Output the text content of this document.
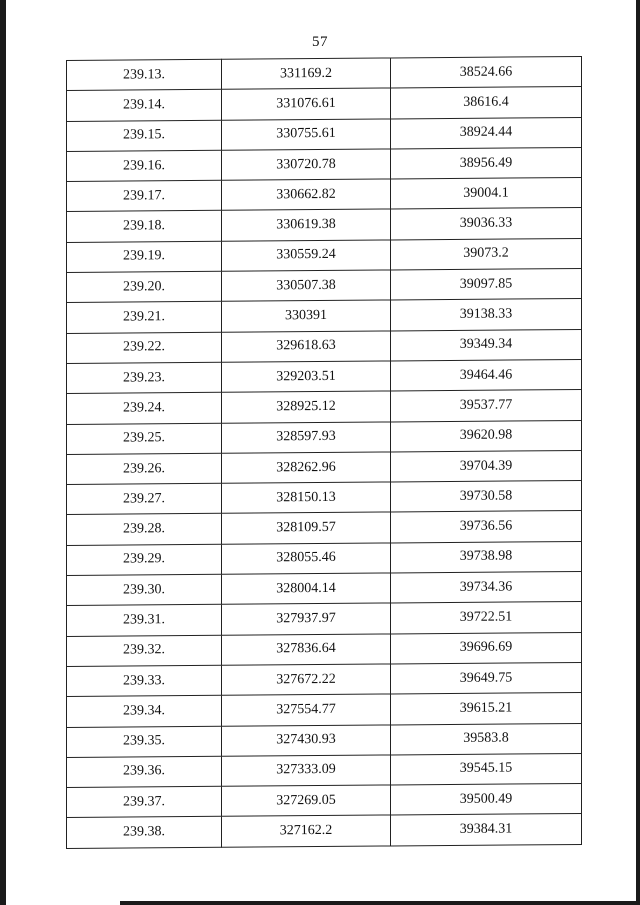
57
239.13.	331169.2	38524.66
239.14.	331076.61	38616.4
239.15.	330755.61	38924.44
239.16.	330720.78	38956.49
239.17.	330662.82	39004.1
239.18.	330619.38	39036.33
239.19.	330559.24	39073.2
239.20.	330507.38	39097.85
239.21.	330391	39138.33
239.22.	329618.63	39349.34
239.23.	329203.51	39464.46
239.24.	328925.12	39537.77
239.25.	328597.93	39620.98
239.26.	328262.96	39704.39
239.27.	328150.13	39730.58
239.28.	328109.57	39736.56
239.29.	328055.46	39738.98
239.30.	328004.14	39734.36
239.31.	327937.97	39722.51
239.32.	327836.64	39696.69
239.33.	327672.22	39649.75
239.34.	327554.77	39615.21
239.35.	327430.93	39583.8
239.36.	327333.09	39545.15
239.37.	327269.05	39500.49
239.38.	327162.2	39384.31
